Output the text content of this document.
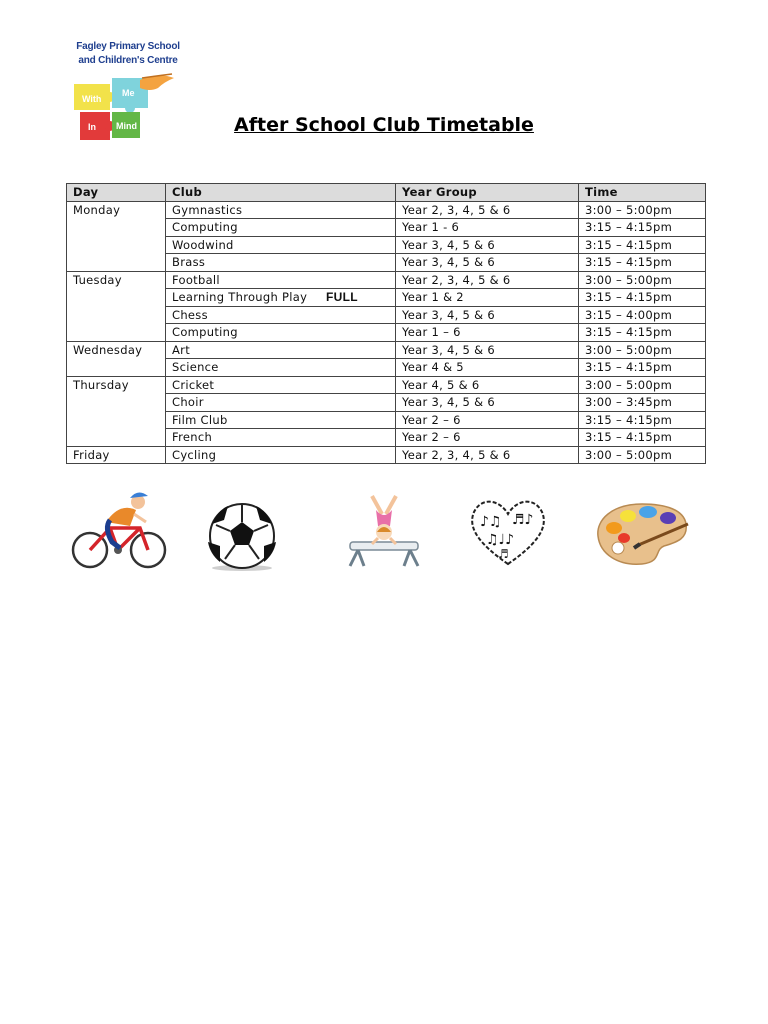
Fagley Primary School
and Children's Centre
With
Me
In Mind	After School Club Timetable
Day	Club	Year Group	Time
Monday	Gymnastics	Year 2, 3, 4, 5 & 6	3:00 – 5:00pm
	Computing	Year 1 - 6	3:15 – 4:15pm
	Woodwind	Year 3, 4, 5 & 6	3:15 – 4:15pm
	Brass	Year 3, 4, 5 & 6	3:15 – 4:15pm
Tuesday	Football	Year 2, 3, 4, 5 & 6	3:00 – 5:00pm
	Learning Through Play FULL	Year 1 & 2	3:15 – 4:15pm
	Chess	Year 3, 4, 5 & 6	3:15 – 4:00pm
	Computing	Year 1 – 6	3:15 – 4:15pm
Wednesday	Art	Year 3, 4, 5 & 6	3:00 – 5:00pm
	Science	Year 4 & 5	3:15 – 4:15pm
Thursday	Cricket	Year 4, 5 & 6	3:00 – 5:00pm
	Choir	Year 3, 4, 5 & 6	3:00 – 3:45pm
	Film Club	Year 2 – 6	3:15 – 4:15pm
	French	Year 2 – 6	3:15 – 4:15pm
Friday	Cycling	Year 2, 3, 4, 5 & 6	3:00 – 5:00pm
♪♫ ♬♪
♫♩♪
♬
